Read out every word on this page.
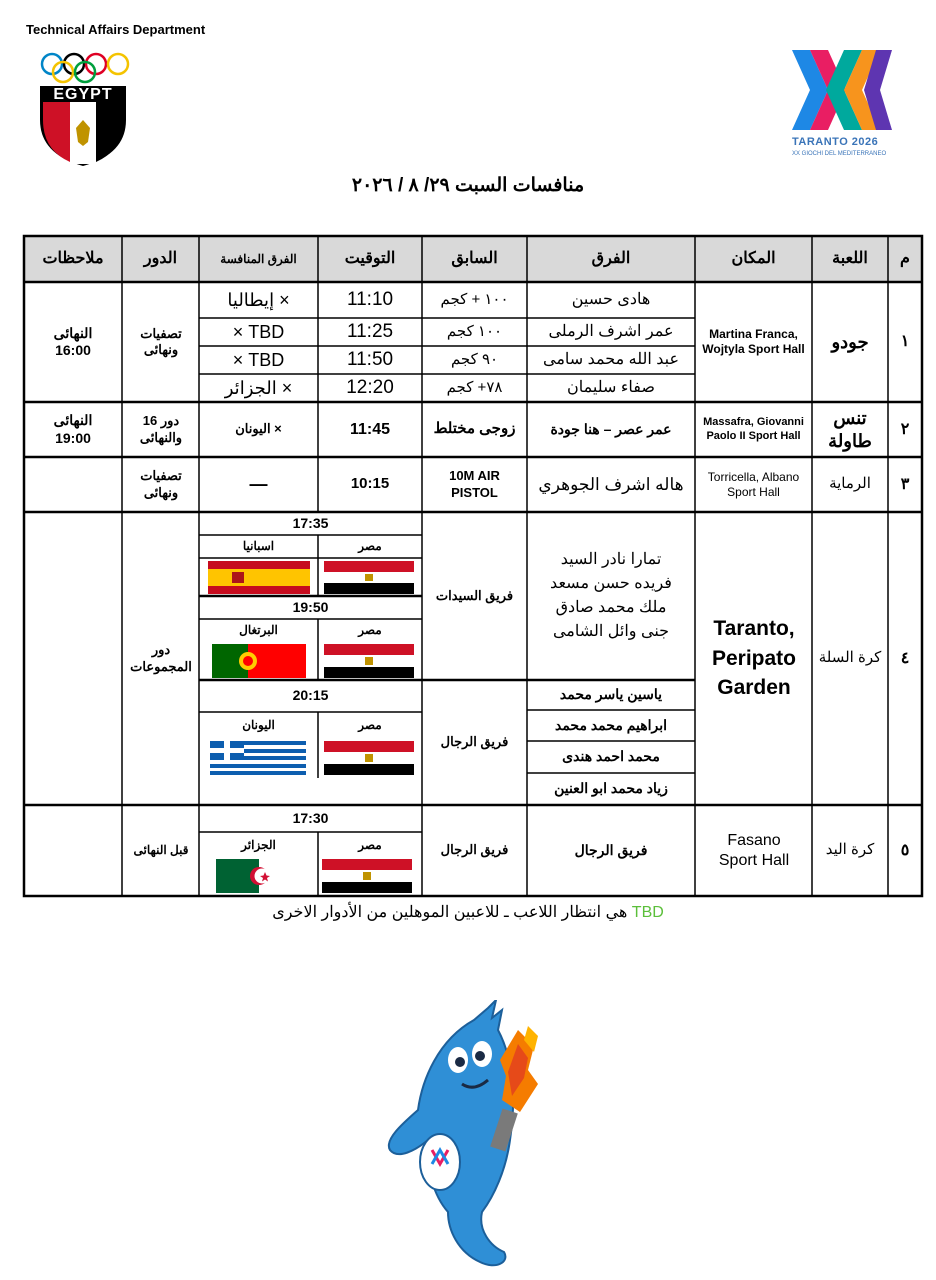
Technical Affairs Department
EGYPT
TARANTO 2026
XX GIOCHI DEL MEDITERRANEO
منافسات السبت ٢٩/ ٨ / ٢٠٢٦
م
اللعبة
المكان
الفرق
السابق
التوقيت
الفرق المنافسة
الدور
ملاحظات
١
جودو
Martina Franca, Wojtyla Sport Hall
هادى حسين
عمر اشرف الرملى
عبد الله محمد سامى
صفاء سليمان
١٠٠ + كجم
١٠٠ كجم
٩٠ كجم
٧٨+ كجم
11:10
11:25
11:50
12:20
× إيطاليا
TBD ×
TBD ×
× الجزائر
تصفيات ونهائى
النهائى
16:00
٢
تنس طاولة
Massafra, Giovanni Paolo II Sport Hall
عمر عصر – هنا جودة
زوجى مختلط
11:45
× اليونان
دور 16 والنهائى
النهائى
19:00
٣
الرماية
Torricella, Albano Sport Hall
هاله اشرف الجوهري
10M AIR PISTOL
10:15
—
تصفيات ونهائى
٤
كرة السلة
Taranto, Peripato Garden
تمارا نادر السيد
فريده حسن مسعد
ملك محمد صادق
جنى وائل الشامى
ياسين ياسر محمد
ابراهيم محمد محمد
محمد احمد هندى
زياد محمد ابو العنين
فريق السيدات
فريق الرجال
دور المجموعات
17:35
مصر
اسبانيا
19:50
مصر
البرتغال
20:15
مصر
اليونان
٥
كرة اليد
Fasano Sport Hall
فريق الرجال
فريق الرجال
17:30
مصر
الجزائر
قبل النهائى
TBD هي انتظار اللاعب ـ للاعبين الموهلين من الأدوار الاخرى
